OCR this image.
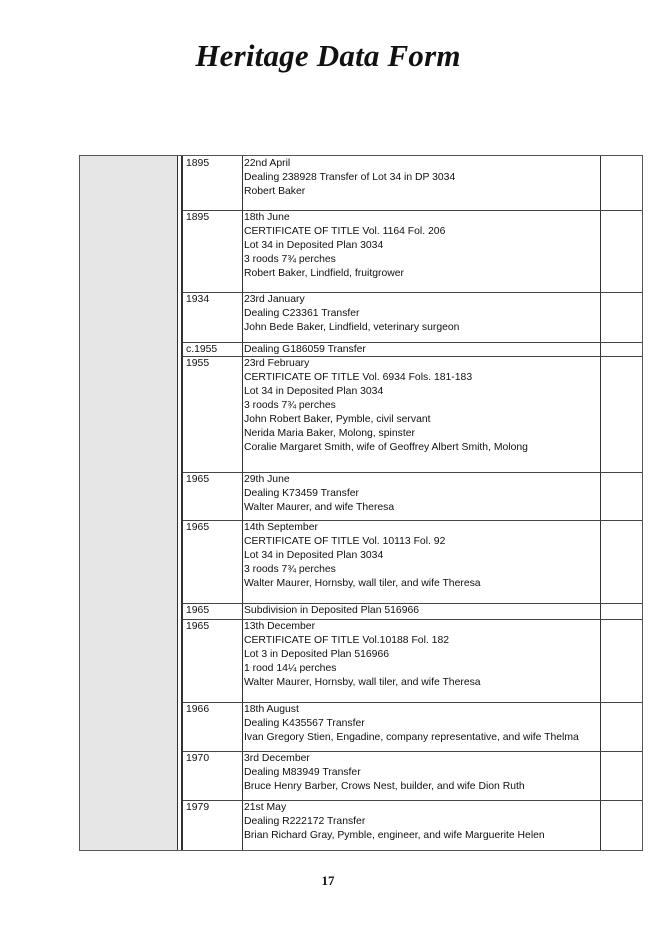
Heritage Data Form
1895	22nd April
Dealing 238928 Transfer of Lot 34 in DP 3034
Robert Baker
1895	18th June
CERTIFICATE OF TITLE Vol. 1164 Fol. 206
Lot 34 in Deposited Plan 3034
3 roods 7¾ perches
Robert Baker, Lindfield, fruitgrower
1934	23rd January
Dealing C23361 Transfer
John Bede Baker, Lindfield, veterinary surgeon
c.1955	Dealing G186059 Transfer
1955	23rd February
CERTIFICATE OF TITLE Vol. 6934 Fols. 181-183
Lot 34 in Deposited Plan 3034
3 roods 7¾ perches
John Robert Baker, Pymble, civil servant
Nerida Maria Baker, Molong, spinster
Coralie Margaret Smith, wife of Geoffrey Albert Smith, Molong
1965	29th June
Dealing K73459 Transfer
Walter Maurer, and wife Theresa
1965	14th September
CERTIFICATE OF TITLE Vol. 10113 Fol. 92
Lot 34 in Deposited Plan 3034
3 roods 7¾ perches
Walter Maurer, Hornsby, wall tiler, and wife Theresa
1965	Subdivision in Deposited Plan 516966
1965	13th December
CERTIFICATE OF TITLE Vol.10188 Fol. 182
Lot 3 in Deposited Plan 516966
1 rood 14¼ perches
Walter Maurer, Hornsby, wall tiler, and wife Theresa
1966	18th August
Dealing K435567 Transfer
Ivan Gregory Stien, Engadine, company representative, and wife Thelma
1970	3rd December
Dealing M83949 Transfer
Bruce Henry Barber, Crows Nest, builder, and wife Dion Ruth
1979	21st May
Dealing R222172 Transfer
Brian Richard Gray, Pymble, engineer, and wife Marguerite Helen
17
